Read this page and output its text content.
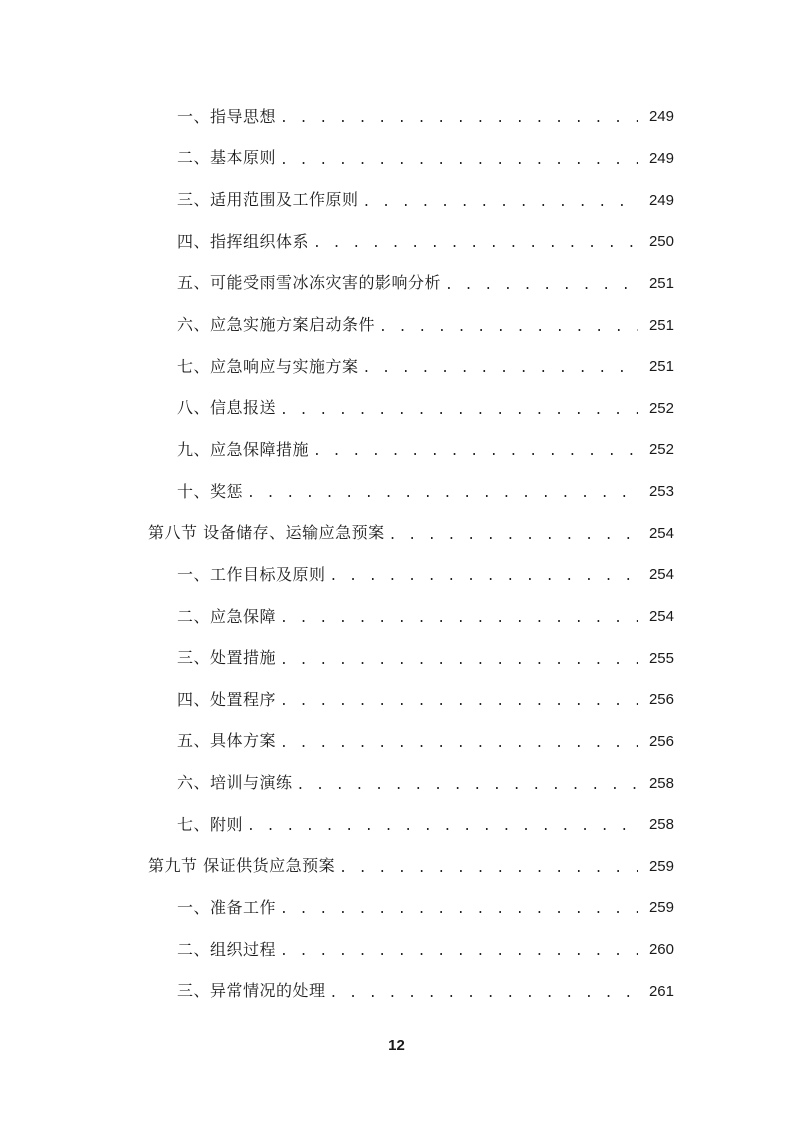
一、指导思想 . . .	249
二、基本原则 . . .	249
三、适用范围及工作原则 . . .	249
四、指挥组织体系 . . .	250
五、可能受雨雪冰冻灾害的影响分析 . . .	251
六、应急实施方案启动条件 . . .	251
七、应急响应与实施方案 . . .	251
八、信息报送 . . .	252
九、应急保障措施 . . .	252
十、奖惩 . . .	253
第八节 设备储存、运输应急预案 . . .	254
一、工作目标及原则 . . .	254
二、应急保障 . . .	254
三、处置措施 . . .	255
四、处置程序 . . .	256
五、具体方案 . . .	256
六、培训与演练 . . .	258
七、附则 . . .	258
第九节 保证供货应急预案 . . .	259
一、准备工作 . . .	259
二、组织过程 . . .	260
三、异常情况的处理 . . .	261
12
